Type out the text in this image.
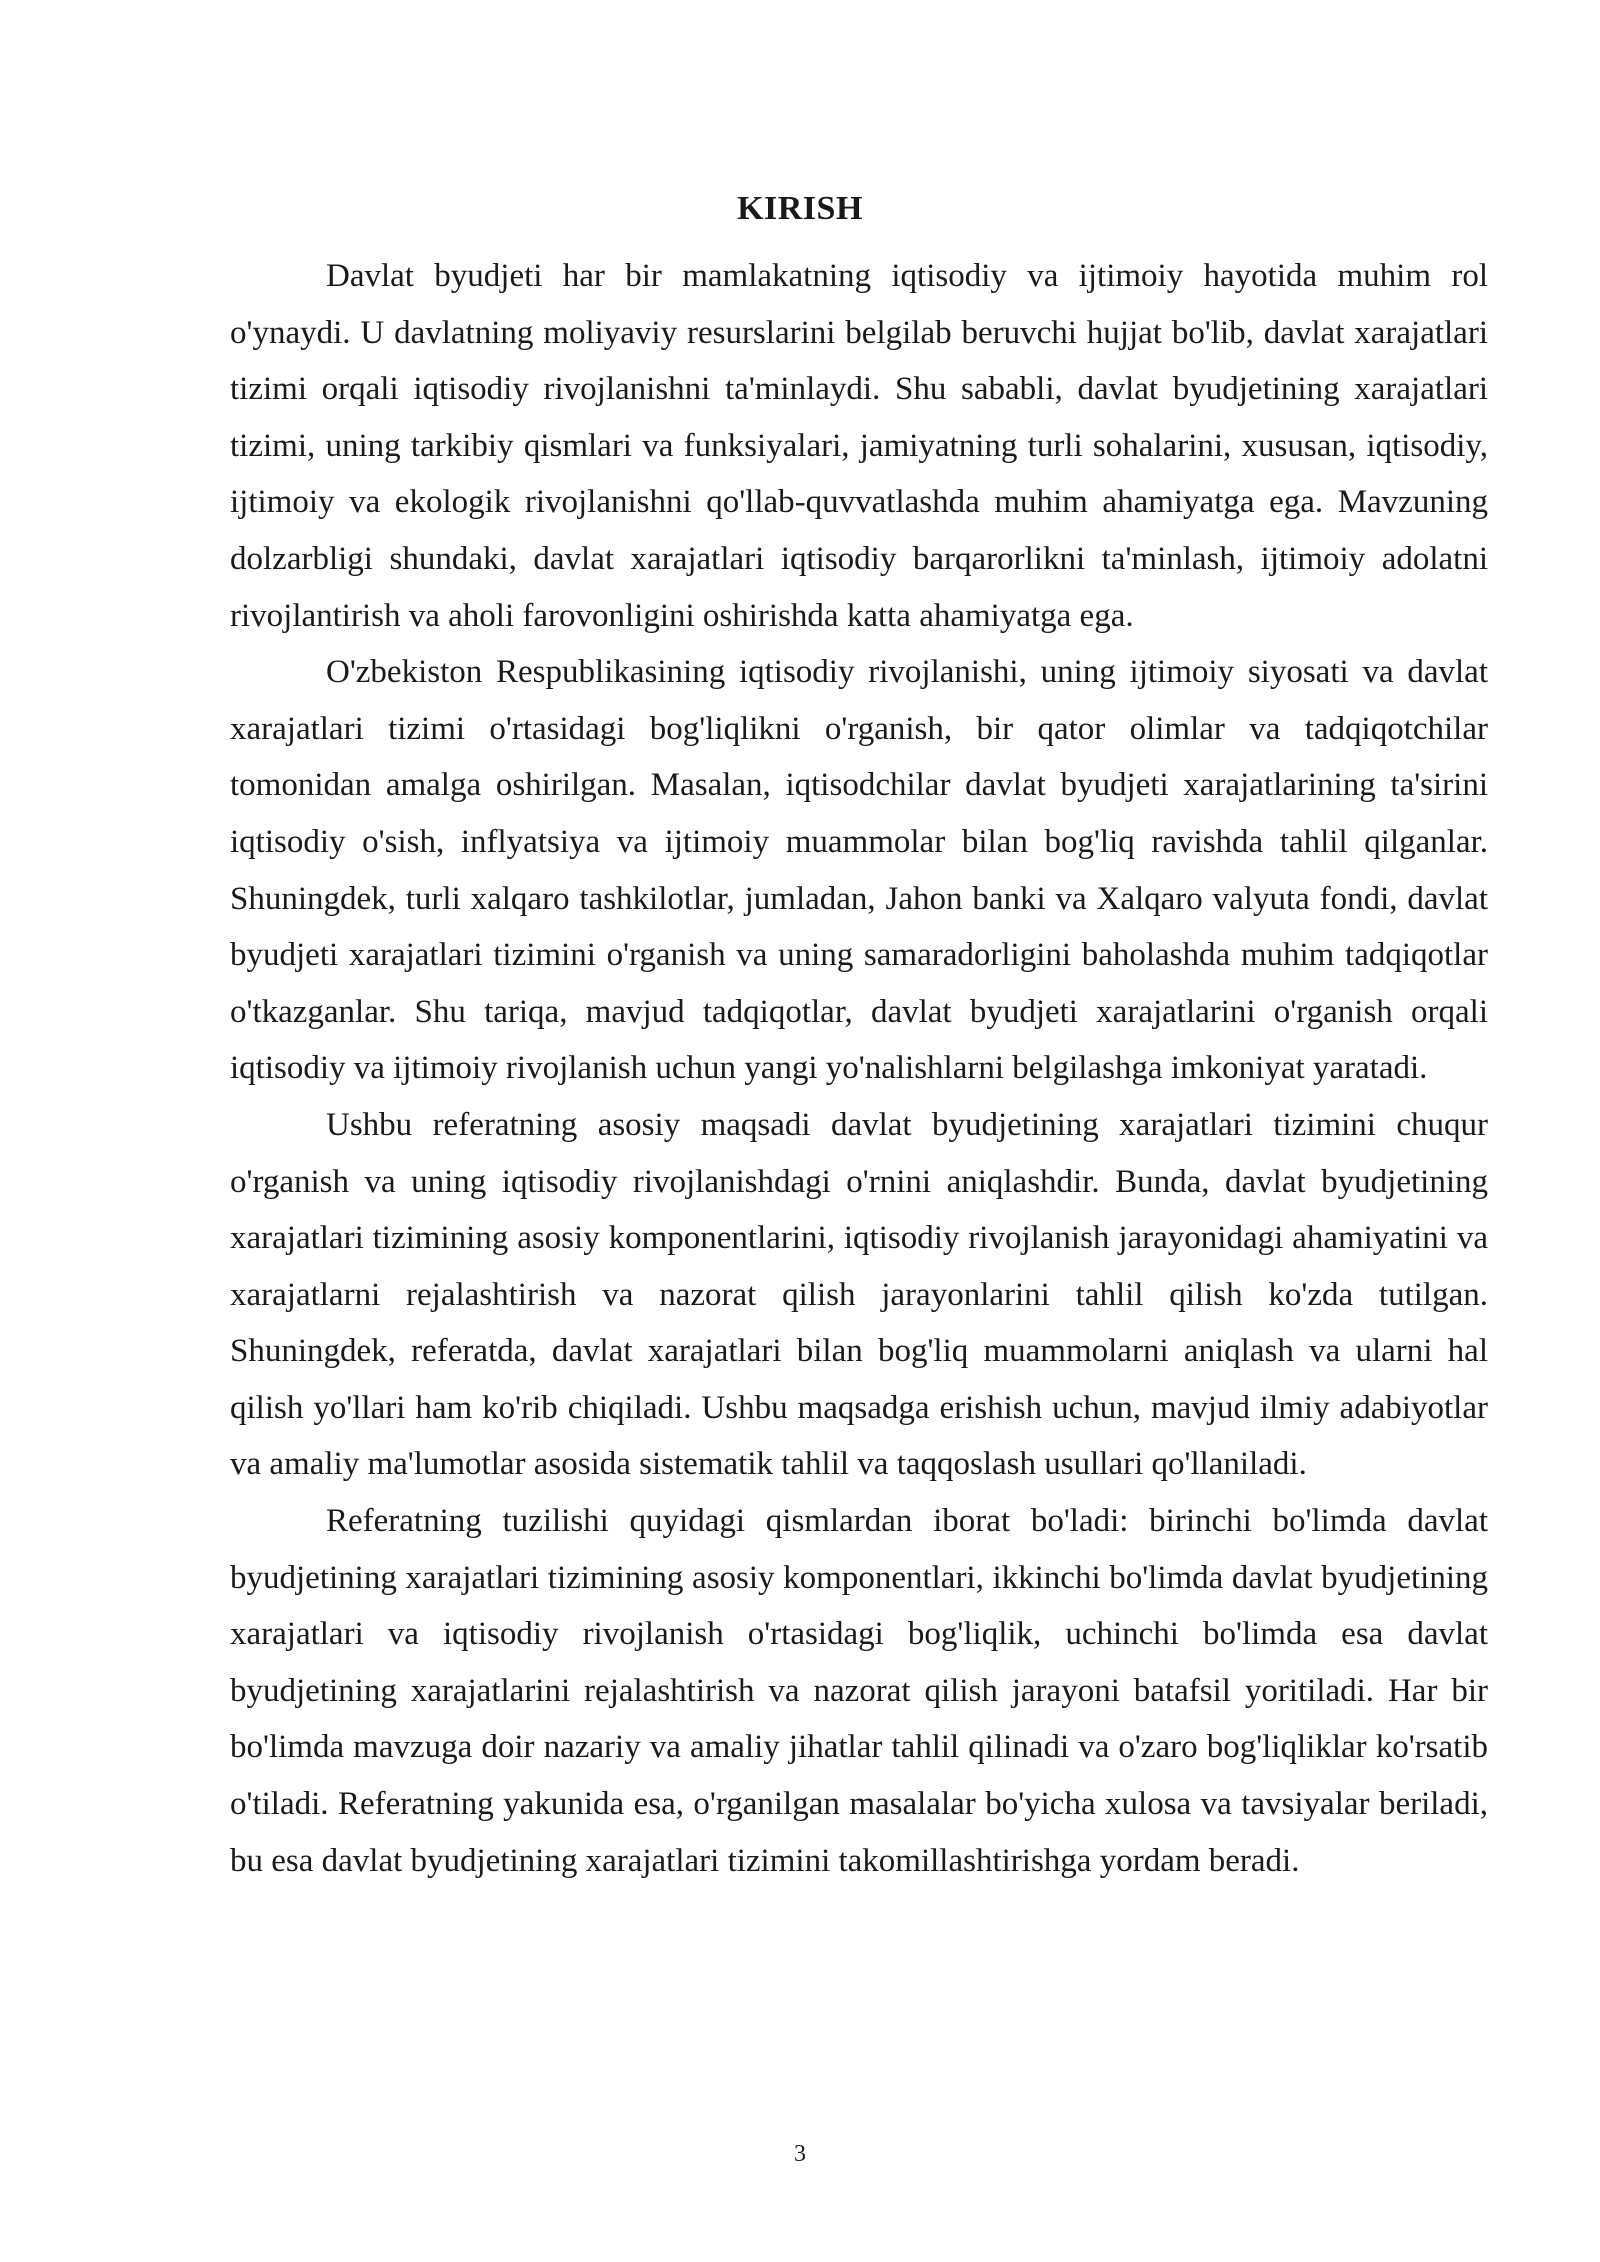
KIRISH

Davlat byudjeti har bir mamlakatning iqtisodiy va ijtimoiy hayotida muhim rol o'ynaydi. U davlatning moliyaviy resurslarini belgilab beruvchi hujjat bo'lib, davlat xarajatlari tizimi orqali iqtisodiy rivojlanishni ta'minlaydi. Shu sababli, davlat byudjetining xarajatlari tizimi, uning tarkibiy qismlari va funksiyalari, jamiyatning turli sohalarini, xususan, iqtisodiy, ijtimoiy va ekologik rivojlanishni qo'llab-quvvatlashda muhim ahamiyatga ega. Mavzuning dolzarbligi shundaki, davlat xarajatlari iqtisodiy barqarorlikni ta'minlash, ijtimoiy adolatni rivojlantirish va aholi farovonligini oshirishda katta ahamiyatga ega.

O'zbekiston Respublikasining iqtisodiy rivojlanishi, uning ijtimoiy siyosati va davlat xarajatlari tizimi o'rtasidagi bog'liqlikni o'rganish, bir qator olimlar va tadqiqotchilar tomonidan amalga oshirilgan. Masalan, iqtisodchilar davlat byudjeti xarajatlarining ta'sirini iqtisodiy o'sish, inflyatsiya va ijtimoiy muammolar bilan bog'liq ravishda tahlil qilganlar. Shuningdek, turli xalqaro tashkilotlar, jumladan, Jahon banki va Xalqaro valyuta fondi, davlat byudjeti xarajatlari tizimini o'rganish va uning samaradorligini baholashda muhim tadqiqotlar o'tkazganlar. Shu tariqa, mavjud tadqiqotlar, davlat byudjeti xarajatlarini o'rganish orqali iqtisodiy va ijtimoiy rivojlanish uchun yangi yo'nalishlarni belgilashga imkoniyat yaratadi.

Ushbu referatning asosiy maqsadi davlat byudjetining xarajatlari tizimini chuqur o'rganish va uning iqtisodiy rivojlanishdagi o'rnini aniqlashdir. Bunda, davlat byudjetining xarajatlari tizimining asosiy komponentlarini, iqtisodiy rivojlanish jarayonidagi ahamiyatini va xarajatlarni rejalashtirish va nazorat qilish jarayonlarini tahlil qilish ko'zda tutilgan. Shuningdek, referatda, davlat xarajatlari bilan bog'liq muammolarni aniqlash va ularni hal qilish yo'llari ham ko'rib chiqiladi. Ushbu maqsadga erishish uchun, mavjud ilmiy adabiyotlar va amaliy ma'lumotlar asosida sistematik tahlil va taqqoslash usullari qo'llaniladi.

Referatning tuzilishi quyidagi qismlardan iborat bo'ladi: birinchi bo'limda davlat byudjetining xarajatlari tizimining asosiy komponentlari, ikkinchi bo'limda davlat byudjetining xarajatlari va iqtisodiy rivojlanish o'rtasidagi bog'liqlik, uchinchi bo'limda esa davlat byudjetining xarajatlarini rejalashtirish va nazorat qilish jarayoni batafsil yoritiladi. Har bir bo'limda mavzuga doir nazariy va amaliy jihatlar tahlil qilinadi va o'zaro bog'liqliklar ko'rsatib o'tiladi. Referatning yakunida esa, o'rganilgan masalalar bo'yicha xulosa va tavsiyalar beriladi, bu esa davlat byudjetining xarajatlari tizimini takomillashtirishga yordam beradi.

3
